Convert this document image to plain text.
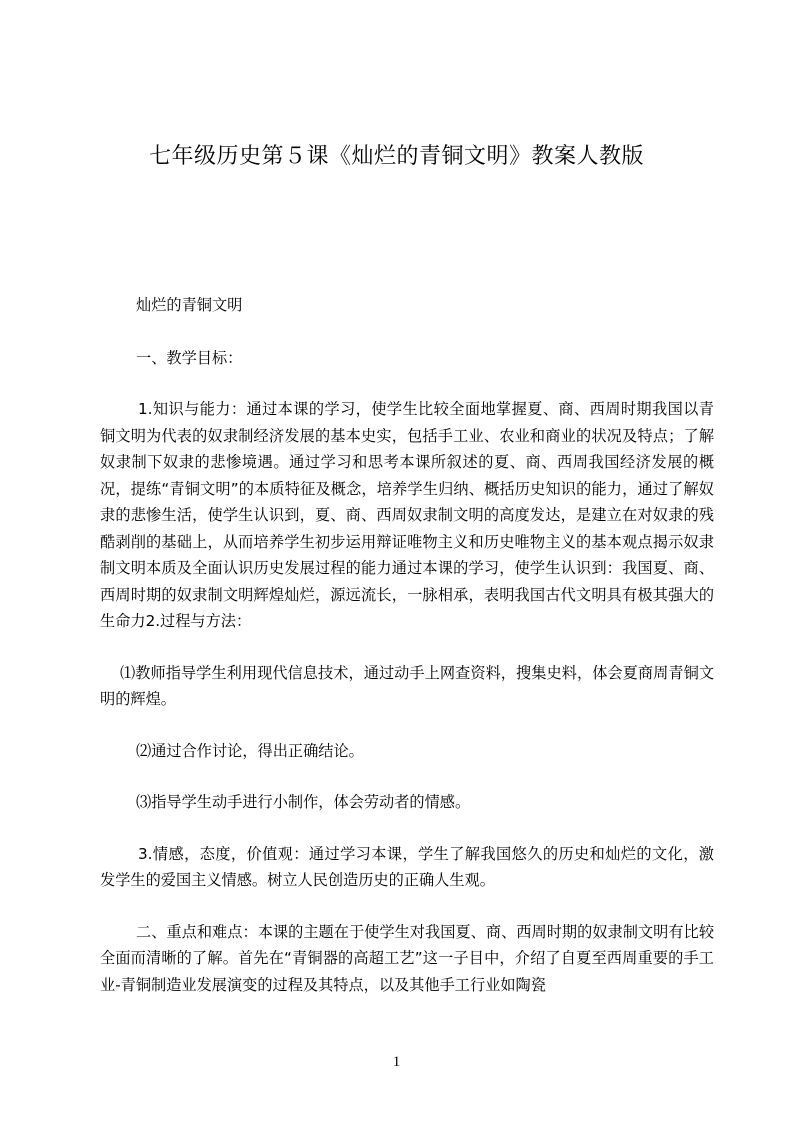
七年级历史第５课《灿烂的青铜文明》教案人教版

灿烂的青铜文明

一、教学目标：

1.知识与能力：通过本课的学习，使学生比较全面地掌握夏、商、西周时期我国以青铜文明为代表的奴隶制经济发展的基本史实，包括手工业、农业和商业的状况及特点；了解奴隶制下奴隶的悲惨境遇。通过学习和思考本课所叙述的夏、商、西周我国经济发展的概况，提练“青铜文明”的本质特征及概念，培养学生归纳、概括历史知识的能力，通过了解奴隶的悲惨生活，使学生认识到，夏、商、西周奴隶制文明的高度发达，是建立在对奴隶的残酷剥削的基础上，从而培养学生初步运用辩证唯物主义和历史唯物主义的基本观点揭示奴隶制文明本质及全面认识历史发展过程的能力通过本课的学习，使学生认识到：我国夏、商、西周时期的奴隶制文明辉煌灿烂，源远流长，一脉相承，表明我国古代文明具有极其强大的生命力2.过程与方法：

⑴教师指导学生利用现代信息技术，通过动手上网查资料，搜集史料，体会夏商周青铜文明的辉煌。

⑵通过合作讨论，得出正确结论。

⑶指导学生动手进行小制作，体会劳动者的情感。

3.情感，态度，价值观：通过学习本课，学生了解我国悠久的历史和灿烂的文化，激发学生的爱国主义情感。树立人民创造历史的正确人生观。

二、重点和难点：本课的主题在于使学生对我国夏、商、西周时期的奴隶制文明有比较全面而清晰的了解。首先在“青铜器的高超工艺”这一子目中，介绍了自夏至西周重要的手工业-青铜制造业发展演变的过程及其特点，以及其他手工行业如陶瓷

1
